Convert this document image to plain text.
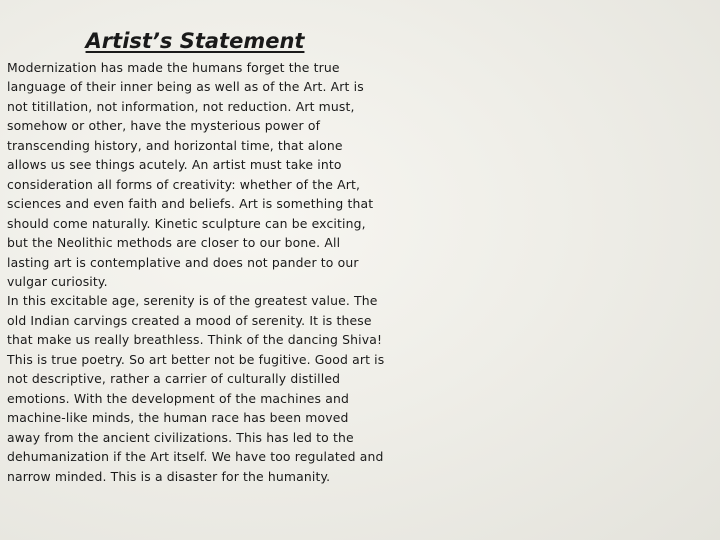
Artist’s Statement

Modernization has made the humans forget the true language of their inner being as well as of the Art. Art is not titillation, not information, not reduction. Art must, somehow or other, have the mysterious power of transcending history, and horizontal time, that alone allows us see things acutely. An artist must take into consideration all forms of creativity: whether of the Art, sciences and even faith and beliefs. Art is something that should come naturally. Kinetic sculpture can be exciting, but the Neolithic methods are closer to our bone. All lasting art is contemplative and does not pander to our vulgar curiosity.

In this excitable age, serenity is of the greatest value. The old Indian carvings created a mood of serenity. It is these that make us really breathless. Think of the dancing Shiva! This is true poetry. So art better not be fugitive. Good art is not descriptive, rather a carrier of culturally distilled emotions. With the development of the machines and machine-like minds, the human race has been moved away from the ancient civilizations. This has led to the dehumanization if the Art itself. We have too regulated and narrow minded. This is a disaster for the humanity.
